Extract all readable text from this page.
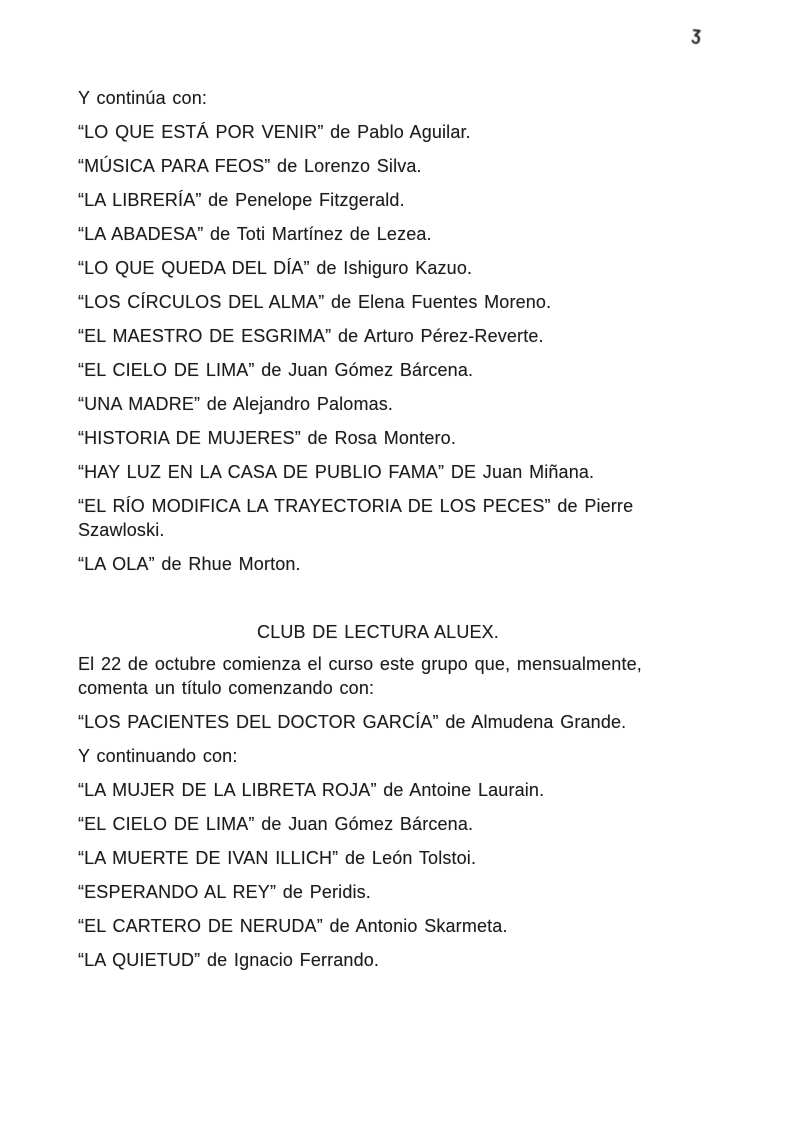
ʒ

Y continúa con:

“LO QUE ESTÁ POR VENIR” de Pablo Aguilar.

“MÚSICA PARA FEOS” de Lorenzo Silva.

“LA LIBRERÍA” de Penelope Fitzgerald.

“LA ABADESA” de Toti Martínez de Lezea.

“LO QUE QUEDA DEL DÍA” de Ishiguro Kazuo.

“LOS CÍRCULOS DEL ALMA” de Elena Fuentes Moreno.

“EL MAESTRO DE ESGRIMA” de Arturo Pérez-Reverte.

“EL CIELO DE LIMA” de Juan Gómez Bárcena.

“UNA MADRE” de Alejandro Palomas.

“HISTORIA DE MUJERES” de Rosa Montero.

“HAY LUZ EN LA CASA DE PUBLIO FAMA” DE Juan Miñana.

“EL RÍO MODIFICA LA TRAYECTORIA DE LOS PECES” de Pierre
Szawloski.

“LA OLA” de Rhue Morton.

CLUB DE LECTURA ALUEX.

El 22 de octubre comienza el curso este grupo que, mensualmente,
comenta un título comenzando con:

“LOS PACIENTES DEL DOCTOR GARCÍA” de Almudena Grande.

Y continuando con:

“LA MUJER DE LA LIBRETA ROJA” de Antoine Laurain.

“EL CIELO DE LIMA” de Juan Gómez Bárcena.

“LA MUERTE DE IVAN ILLICH” de León Tolstoi.

“ESPERANDO AL REY” de Peridis.

“EL CARTERO DE NERUDA” de Antonio Skarmeta.

“LA QUIETUD” de Ignacio Ferrando.
